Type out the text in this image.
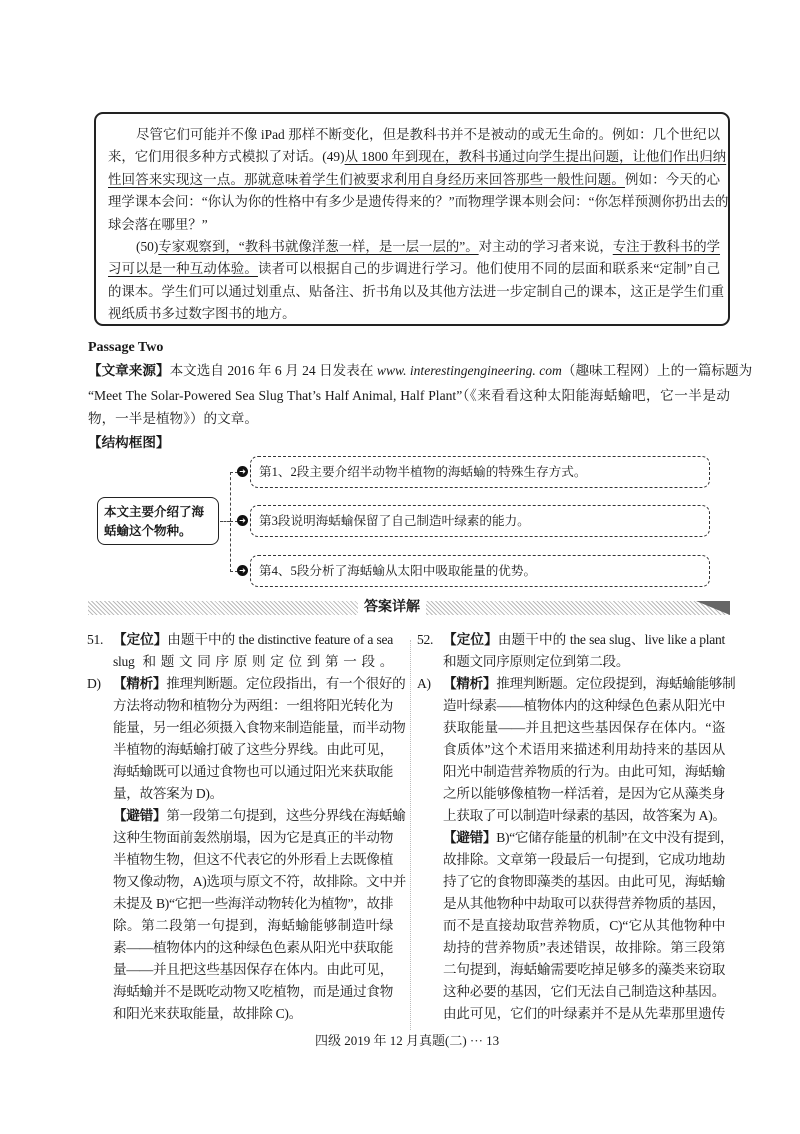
尽管它们可能并不像 iPad 那样不断变化，但是教科书并不是被动的或无生命的。例如：几个世纪以
来，它们用很多种方式模拟了对话。(49)从 1800 年到现在，教科书通过向学生提出问题，让他们作出归纳
性回答来实现这一点。那就意味着学生们被要求利用自身经历来回答那些一般性问题。例如：今天的心
理学课本会问：“你认为你的性格中有多少是遗传得来的？”而物理学课本则会问：“你怎样预测你扔出去的
球会落在哪里？”
(50)专家观察到，“教科书就像洋葱一样，是一层一层的”。对主动的学习者来说，专注于教科书的学
习可以是一种互动体验。读者可以根据自己的步调进行学习。他们使用不同的层面和联系来“定制”自己
的课本。学生们可以通过划重点、贴备注、折书角以及其他方法进一步定制自己的课本，这正是学生们重
视纸质书多过数字图书的地方。
Passage Two
【文章来源】本文选自 2016 年 6 月 24 日发表在 www. interestingengineering. com（趣味工程网）上的一篇标题为
“Meet The Solar-Powered Sea Slug That’s Half Animal, Half Plant”（《来看看这种太阳能海蛞蝓吧，它一半是动
物，一半是植物》）的文章。
【结构框图】
本文主要介绍了海
蛞蝓这个物种。
➜
➜
➜
第1、2段主要介绍半动物半植物的海蛞蝓的特殊生存方式。
第3段说明海蛞蝓保留了自己制造叶绿素的能力。
第4、5段分析了海蛞蝓从太阳中吸取能量的优势。
答案详解
51. 【定位】由题干中的 the distinctive feature of a sea
slug 和题文同序原则定位到第一段。
D) 【精析】推理判断题。定位段指出，有一个很好的
方法将动物和植物分为两组：一组将阳光转化为
能量，另一组必须摄入食物来制造能量，而半动物
半植物的海蛞蝓打破了这些分界线。由此可见，
海蛞蝓既可以通过食物也可以通过阳光来获取能
量，故答案为 D)。
【避错】第一段第二句提到，这些分界线在海蛞蝓
这种生物面前轰然崩塌，因为它是真正的半动物
半植物生物，但这不代表它的外形看上去既像植
物又像动物，A)选项与原文不符，故排除。文中并
未提及 B)“它把一些海洋动物转化为植物”，故排
除。第二段第一句提到，海蛞蝓能够制造叶绿
素——植物体内的这种绿色色素从阳光中获取能
量——并且把这些基因保存在体内。由此可见，
海蛞蝓并不是既吃动物又吃植物，而是通过食物
和阳光来获取能量，故排除 C)。
52. 【定位】由题干中的 the sea slug、live like a plant
和题文同序原则定位到第二段。
A) 【精析】推理判断题。定位段提到，海蛞蝓能够制
造叶绿素——植物体内的这种绿色色素从阳光中
获取能量——并且把这些基因保存在体内。“盗
食质体”这个术语用来描述利用劫持来的基因从
阳光中制造营养物质的行为。由此可知，海蛞蝓
之所以能够像植物一样活着，是因为它从藻类身
上获取了可以制造叶绿素的基因，故答案为 A)。
【避错】B)“它储存能量的机制”在文中没有提到，
故排除。文章第一段最后一句提到，它成功地劫
持了它的食物即藻类的基因。由此可见，海蛞蝓
是从其他物种中劫取可以获得营养物质的基因，
而不是直接劫取营养物质，C)“它从其他物种中
劫持的营养物质”表述错误，故排除。第三段第
二句提到，海蛞蝓需要吃掉足够多的藻类来窃取
这种必要的基因，它们无法自己制造这种基因。
由此可见，它们的叶绿素并不是从先辈那里遗传
四级 2019 年 12 月真题(二) ··· 13
